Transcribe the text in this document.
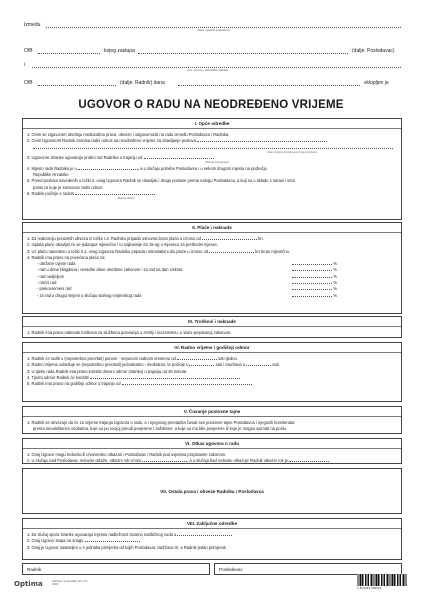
Između
(Naziv i sjedište poslodavca)
OIB	kojeg zastupa	(dalje: Poslodavac)
i
(Ime i prezime, prebivalište radnika)
OIB	(dalje: Radnik) dana	sklopljen je
UGOVOR O RADU NA NEODREĐENO VRIJEME
I. Opće odredbe
1. Ovim se Ugovorom utvrđuju međusobna prava, obveze i odgovornosti na radu između Poslodavca i Radnika.
2. Ovim Ugovorom Radnik zasniva radni odnos na neodređeno vrijeme za obavljanje poslova
(Naziv poslova ili kratki opis ili popis poslova)
3. Ugovorne stranke ugovaraju probni rad Radnika u trajanju od
(Navesti broj mjeseci)
4. Mjesto rada Radnika je u	, a u slučaju potrebe Poslodavca i u nekom drugom mjestu na području
Republike Hrvatske.
5. Pored poslova navedenih u točki 2. ovog Ugovora Radnik se obavljati i druge poslove prema nalogu Poslodavca, a koji su u skladu s naravi i vrsti
posla za koje je zasnovan radni odnos.
6. Radnik počinje s radom
(Navesti datum)
II. Plaće i naknade
1. Za realizaciju preuzetih obveza iz točke I.2. Radniku pripada osnovna bruto plaća u iznosu od	kn.
2. Isplata plaće obavljat će se jedanput mjesečno i to najkasnije do 15-og u mjesecu za prethodni mjesec.
3. Uz plaću navedenu u točki II.1. ovog Ugovora Radniku pripada i stimulativni dio plaće u iznosu od	kn bruto mjesečno.
4. Radnik ima pravo na povećanu plaću za:
- otežane uvjete rada	%
- rad u dane blagdana i neradne dane utvrđene zakonom i za rad na dan Uskrsa	%
- rad nedjeljom	%
- noćni rad	%
- prekovremeni rad	%
- za rad u drugoj smjeni u slučaju stalnog smjenskog rada	%
III. Troškovi i naknade
1. Radnik ima pravo naknade troškova za službena putovanja u zemlji i inozemstvu, u visini propisanoj zakonom.
IV. Radno vrijeme i godišnji odmor
1. Radnik će raditi u (nepotrebno precrtati) punom - nepunom radnom vremenu od	sati tjedno.
2. Radno vrijeme određuje se (nepotrebno precrtati) jednokratno - dvokratno, te počinje u	sati i završava u	sati.
3. U tijeku rada Radnik ima pravo koristiti dnevni odmor (stanku) u trajanju od 30 minuta.
4. Tjedni odmor Radnik će koristiti
5. Radnik ima pravo na godišnji odmor u trajanju od
V. Čuvanje poslovne tajne
1. Radnik se obvezuje da će za vrijeme trajanja Ugovora o radu, a i njegovog prestanka čuvati sve poslovne tajne Poslodavca i njegovih komitenata
prema neovlaštenim osobama, koje su po svojoj prirodi povjerene i zaštićene, a koje su mu bile povjerene ili koje je mogao saznati na poslu.
VI. Otkaz ugovora o radu
1. Ovaj Ugovor mogu redovito ili izvanredno otkazati i Poslodavac i Radnik pod uvjetima propisanim zakonom.
2. U slučaju kad Poslodavac redovito otkaže, otkazni rok iznosi	, a u slučaju kad redovito otkazuje Radnik otkazni rok je
VII. Ostala prava i obveze Radnika i Poslodavca
VIII. Zaključne odredbe
1. Za slučaj spora stranke ugovaraju mjesnu nadležnost stvarno nadležnog suda u
2. Ovaj Ugovor stupa na snagu
3. Ovaj je Ugovor sastavljen u 4 jednaka primjerka od kojih Poslodavac zadržava tri, a Radnik jedan primjerak.
Radnik	Poslodavac
Optima	Obrazac za narudžbu: EC-V.4 / INCR
3 850289 090516
